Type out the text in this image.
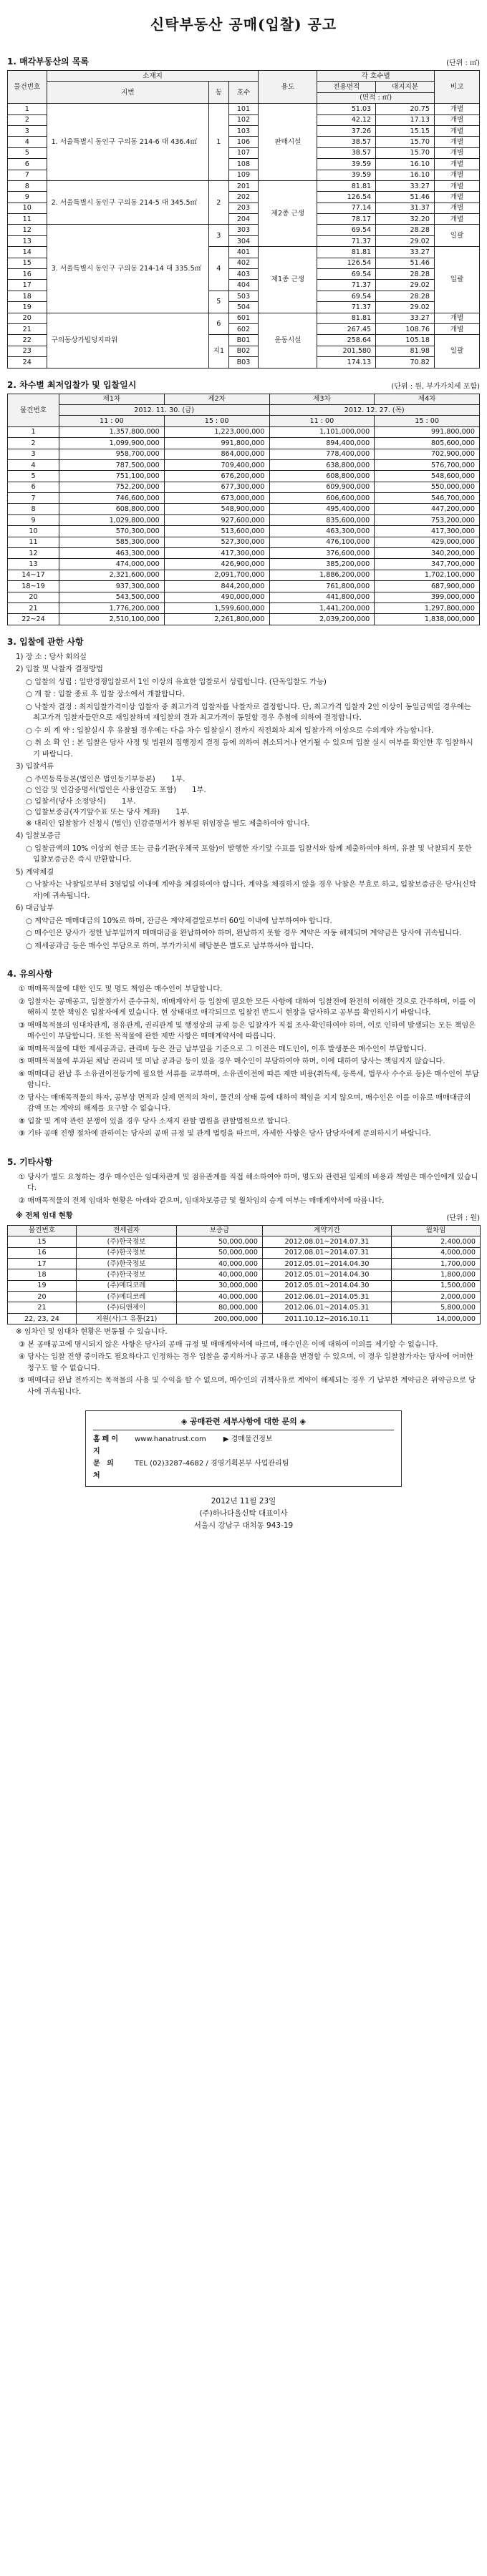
신탁부동산 공매(입찰) 공고
1. 매각부동산의 목록	(단위 : ㎡)
물건번호	소재지			용도	각 호수별		비고
	지번	동	호수		전용면적	대지지분	
					(면적 : ㎡)		
1	1. 서울특별시 동인구 구의동 214-6 대 436.4㎡	1	101	판매시설	51.03	20.75	개별
2			102		42.12	17.13	개별
3			103		37.26	15.15	개별
4			106		38.57	15.70	개별
5			107		38.57	15.70	개별
6			108		39.59	16.10	개별
7			109		39.59	16.10	개별
8	2. 서울특별시 동인구 구의동 214-5 대 345.5㎡	2	201	제2종 근생	81.81	33.27	개별
9			202		126.54	51.46	개별
10			203		77.14	31.37	개별
11			204		78.17	32.20	개별
12	3. 서울특별시 동인구 구의동 214-14 대 335.5㎡	3	303		69.54	28.28	일괄
13			304		71.37	29.02	
14		4	401	제1종 근생	81.81	33.27	일괄
15			402		126.54	51.46	
16			403		69.54	28.28	
17			404		71.37	29.02	
18		5	503		69.54	28.28	
19			504		71.37	29.02	
20	구의동상가빌딩지파워	6	601	운동시설	81.81	33.27	개별
21			602		267.45	108.76	개별
22		지1	B01		258.64	105.18	일괄
23			B02		201,580	81.98	
24			B03		174.13	70.82	
2. 차수별 최저입찰가 및 입찰일시	(단위 : 원, 부가가치세 포함)
물건번호	제1차	제2차	제3차	제4차
	2012. 11. 30. (금)		2012. 12. 27. (목)	
	11 : 00	15 : 00	11 : 00	15 : 00
1	1,357,800,000	1,223,000,000	1,101,000,000	991,800,000
2	1,099,900,000	991,800,000	894,400,000	805,600,000
3	958,700,000	864,000,000	778,400,000	702,900,000
4	787,500,000	709,400,000	638,800,000	576,700,000
5	751,100,000	676,200,000	608,800,000	548,600,000
6	752,200,000	677,300,000	609,900,000	550,000,000
7	746,600,000	673,000,000	606,600,000	546,700,000
8	608,800,000	548,900,000	495,400,000	447,200,000
9	1,029,800,000	927,600,000	835,600,000	753,200,000
10	570,300,000	513,600,000	463,300,000	417,300,000
11	585,300,000	527,300,000	476,100,000	429,000,000
12	463,300,000	417,300,000	376,600,000	340,200,000
13	474,000,000	426,900,000	385,200,000	347,700,000
14~17	2,321,600,000	2,091,700,000	1,886,200,000	1,702,100,000
18~19	937,300,000	844,200,000	761,800,000	687,900,000
20	543,500,000	490,000,000	441,800,000	399,000,000
21	1,776,200,000	1,599,600,000	1,441,200,000	1,297,800,000
22~24	2,510,100,000	2,261,800,000	2,039,200,000	1,838,000,000
3. 입찰에 관한 사항

1) 장 소 : 당사 회의실

2) 입찰 및 낙찰자 결정방법

○ 입찰의 성립 : 일반경쟁입찰로서 1인 이상의 유효한 입찰로서 성립합니다. (단독입찰도 가능)

○ 개 찰 : 입찰 종료 후 입찰 장소에서 개찰합니다.

○ 낙찰자 결정 : 최저입찰가격이상 입찰자 중 최고가격 입찰자를 낙찰자로 결정합니다. 단, 최고가격 입찰자 2인 이상이 동일금액일 경우에는 최고가격 입찰자들만으로 재입찰하며 재입찰의 결과 최고가격이 동일할 경우 추첨에 의하여 결정합니다.

○ 수 의 계 약 : 입찰실시 후 유찰될 경우에는 다음 차수 입찰실시 전까지 직전회차 최저 입찰가격 이상으로 수의계약 가능합니다.

○ 취 소 확 인 : 본 입찰은 당사 사정 및 법원의 집행정지 결정 등에 의하여 취소되거나 연기될 수 있으며 입찰 실시 여부를 확인한 후 입찰하시기 바랍니다.

3) 입찰서류

○ 주민등록등본(법인은 법인등기부등본) 1부.
○ 인감 및 인감증명서(법인은 사용인감도 포함) 1부.
○ 입찰서(당사 소정양식) 1부.
○ 입찰보증금(자기앞수표 또는 당사 계좌) 1부.

※ 대리인 입찰참가 신청시 (법인) 인감증명서가 첨부된 위임장을 별도 제출하여야 합니다.

4) 입찰보증금

○ 입찰금액의 10% 이상의 현금 또는 금융기관(우체국 포함)이 발행한 자기앞 수표를 입찰서와 함께 제출하여야 하며, 유찰 및 낙찰되지 못한 입찰보증금은 즉시 반환합니다.

5) 계약체결

○ 낙찰자는 낙찰일로부터 3영업일 이내에 계약을 체결하여야 합니다. 계약을 체결하지 않을 경우 낙찰은 무효로 하고, 입찰보증금은 당사(신탁자)에 귀속됩니다.

6) 대금납부

○ 계약금은 매매대금의 10%로 하며, 잔금은 계약체결일로부터 60일 이내에 납부하여야 합니다.

○ 매수인은 당사가 정한 납부일까지 매매대금을 완납하여야 하며, 완납하지 못할 경우 계약은 자동 해제되며 계약금은 당사에 귀속됩니다.

○ 제세공과금 등은 매수인 부담으로 하며, 부가가치세 해당분은 별도로 납부하셔야 합니다.

4. 유의사항

① 매매목적물에 대한 인도 및 명도 책임은 매수인이 부담합니다.

② 입찰자는 공매공고, 입찰참가서 준수규칙, 매매계약서 등 입찰에 필요한 모든 사항에 대하여 입찰전에 완전히 이해한 것으로 간주하며, 이를 이해하지 못한 책임은 입찰자에게 있습니다. 현 상태대로 매각되므로 입찰전 반드시 현장을 답사하고 공부를 확인하시기 바랍니다.

③ 매매목적물의 임대차관계, 점유관계, 권리관계 및 행정상의 규제 등은 입찰자가 직접 조사·확인하여야 하며, 이로 인하여 발생되는 모든 책임은 매수인이 부담합니다. 또한 목적물에 관한 제반 사항은 매매계약서에 따릅니다.

④ 매매목적물에 대한 제세공과금, 관리비 등은 잔금 납부일을 기준으로 그 이전은 매도인이, 이후 발생분은 매수인이 부담합니다.

⑤ 매매목적물에 부과된 체납 관리비 및 미납 공과금 등이 있을 경우 매수인이 부담하여야 하며, 이에 대하여 당사는 책임지지 않습니다.

⑥ 매매대금 완납 후 소유권이전등기에 필요한 서류를 교부하며, 소유권이전에 따른 제반 비용(취득세, 등록세, 법무사 수수료 등)은 매수인이 부담합니다.

⑦ 당사는 매매목적물의 하자, 공부상 면적과 실제 면적의 차이, 물건의 상태 등에 대하여 책임을 지지 않으며, 매수인은 이를 이유로 매매대금의 감액 또는 계약의 해제를 요구할 수 없습니다.

⑧ 입찰 및 계약 관련 분쟁이 있을 경우 당사 소재지 관할 법원을 관할법원으로 합니다.

⑨ 기타 공매 진행 절차에 관하여는 당사의 공매 규정 및 관계 법령을 따르며, 자세한 사항은 당사 담당자에게 문의하시기 바랍니다.

5. 기타사항

① 당사가 별도 요청하는 경우 매수인은 임대차관계 및 점유관계를 직접 해소하여야 하며, 명도와 관련된 일체의 비용과 책임은 매수인에게 있습니다.

② 매매목적물의 전체 임대차 현황은 아래와 같으며, 임대차보증금 및 월차임의 승계 여부는 매매계약서에 따릅니다.

※ 전체 임대 현황	(단위 : 원)
물건번호	전세권자	보증금	계약기간	월차임
15	(주)한국정보	50,000,000	2012.08.01~2014.07.31	2,400,000
16	(주)한국정보	50,000,000	2012.08.01~2014.07.31	4,000,000
17	(주)한국정보	40,000,000	2012.05.01~2014.04.30	1,700,000
18	(주)한국정보	40,000,000	2012.05.01~2014.04.30	1,800,000
19	(주)메디코레	30,000,000	2012.05.01~2014.04.30	1,500,000
20	(주)메디코레	40,000,000	2012.06.01~2014.05.31	2,000,000
21	(주)티앤제이	80,000,000	2012.06.01~2014.05.31	5,800,000
22, 23, 24	지원(사)그 유통(21)	200,000,000	2011.10.12~2016.10.11	14,000,000

※ 임차인 및 임대차 현황은 변동될 수 있습니다.

③ 본 공매공고에 명시되지 않은 사항은 당사의 공매 규정 및 매매계약서에 따르며, 매수인은 이에 대하여 이의를 제기할 수 없습니다.

④ 당사는 입찰 진행 중이라도 필요하다고 인정하는 경우 입찰을 중지하거나 공고 내용을 변경할 수 있으며, 이 경우 입찰참가자는 당사에 어떠한 청구도 할 수 없습니다.

⑤ 매매대금 완납 전까지는 목적물의 사용 및 수익을 할 수 없으며, 매수인의 귀책사유로 계약이 해제되는 경우 기 납부한 계약금은 위약금으로 당사에 귀속됩니다.

◈ 공매관련 세부사항에 대한 문의 ◈
홈페이지
www.hanatrust.com ▶ 경매물건정보
문 의 처
TEL (02)3287-4682 / 경영기획본부 사업관리팀
2012년 11월 23일
(주)하나다올신탁 대표이사
서울시 강남구 대치동 943-19
